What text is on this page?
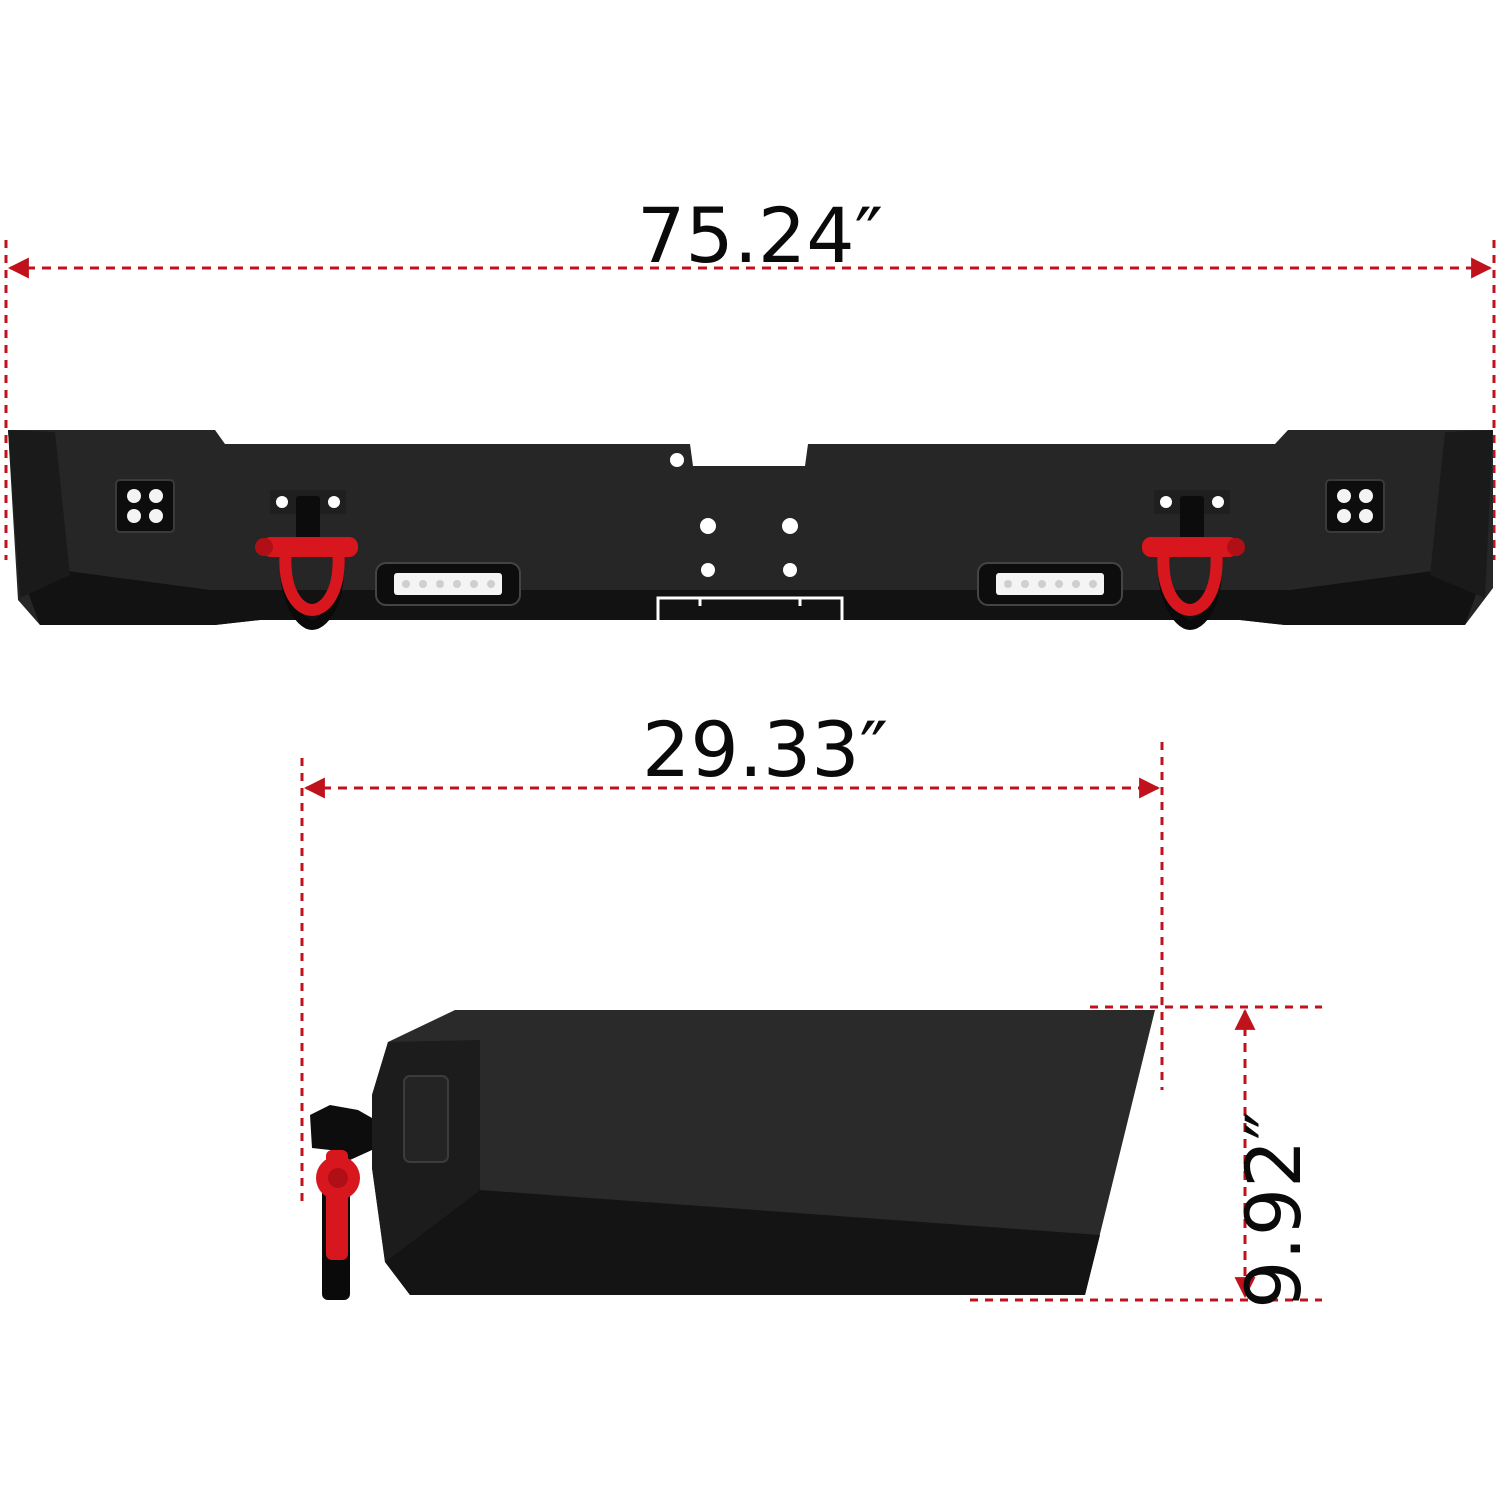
75.24″
29.33″
9.92″
